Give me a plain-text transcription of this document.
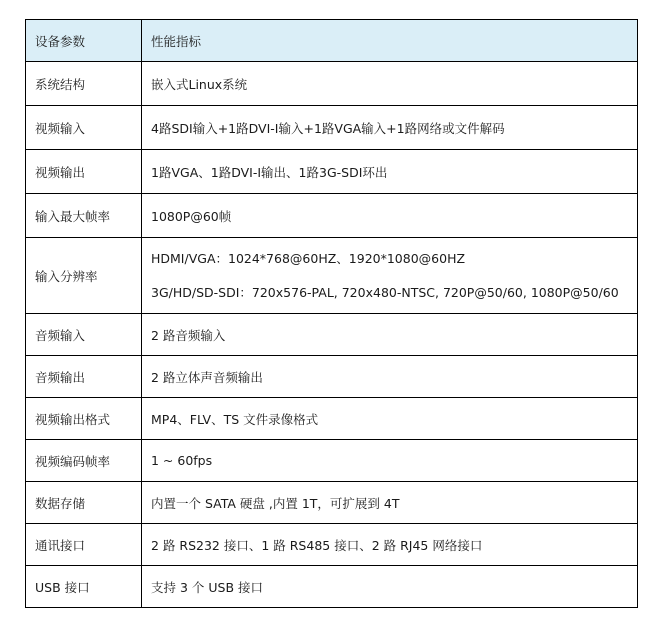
设备参数	性能指标
系统结构	嵌入式Linux系统
视频输入	4路SDI输入+1路DVI-I输入+1路VGA输入+1路网络或文件解码
视频输出	1路VGA、1路DVI-I输出、1路3G-SDI环出
输入最大帧率	1080P@60帧
输入分辨率	HDMI/VGA：1024*768@60HZ、1920*1080@60HZ
3G/HD/SD-SDI：720x576-PAL, 720x480-NTSC, 720P@50/60, 1080P@50/60

音频输入	2 路音频输入
音频输出	2 路立体声音频输出
视频输出格式	MP4、FLV、TS 文件录像格式
视频编码帧率	1 ~ 60fps
数据存储	内置一个 SATA 硬盘 ,内置 1T，可扩展到 4T
通讯接口	2 路 RS232 接口、1 路 RS485 接口、2 路 RJ45 网络接口
USB 接口	支持 3 个 USB 接口
